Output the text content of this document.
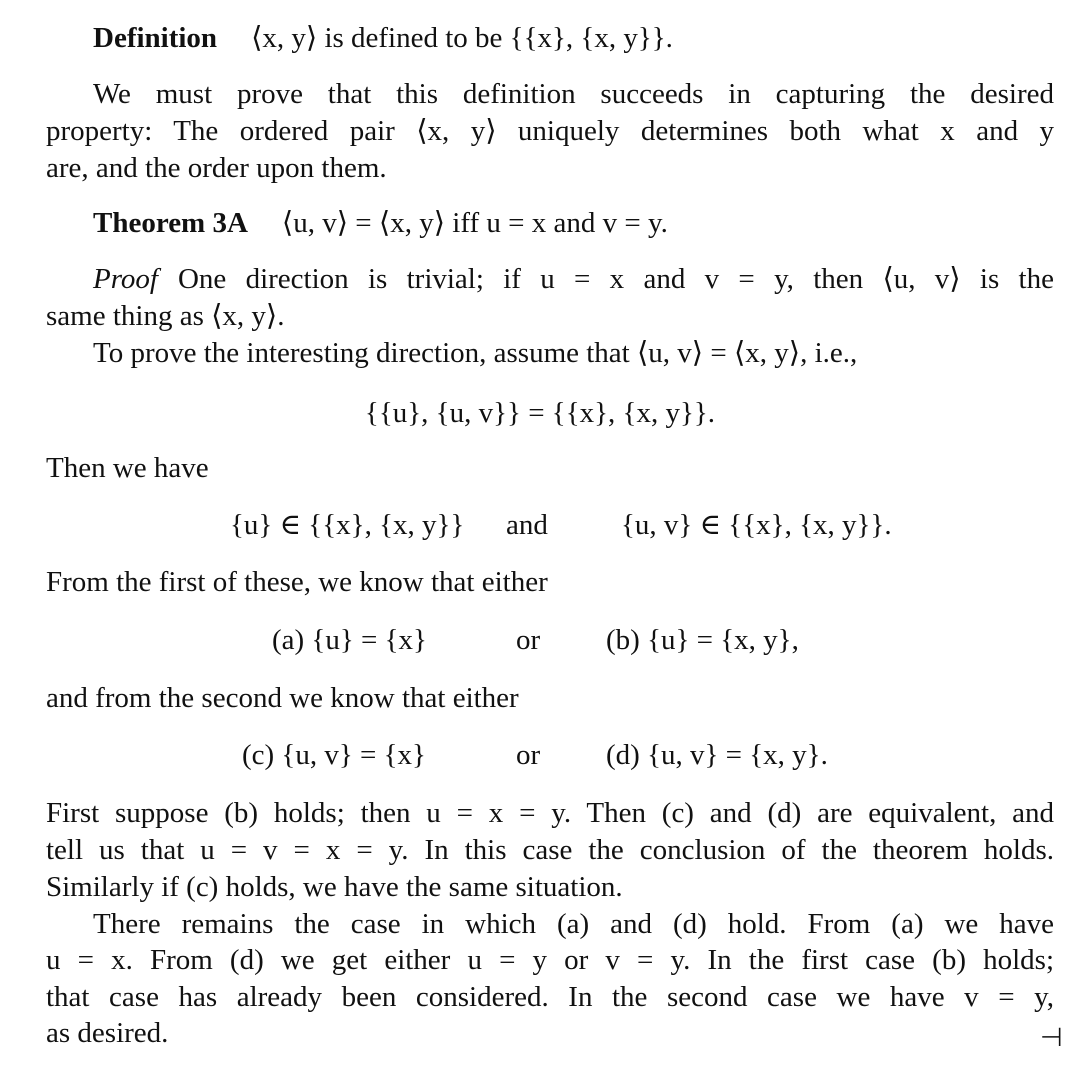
Definition ⟨x, y⟩ is defined to be {{x}, {x, y}}.
We must prove that this definition succeeds in capturing the desired
property: The ordered pair ⟨x, y⟩ uniquely determines both what x and y
are, and the order upon them.
Theorem 3A ⟨u, v⟩ = ⟨x, y⟩ iff u = x and v = y.
Proof One direction is trivial; if u = x and v = y, then ⟨u, v⟩ is the
same thing as ⟨x, y⟩.
To prove the interesting direction, assume that ⟨u, v⟩ = ⟨x, y⟩, i.e.,
{{u}, {u, v}} = {{x}, {x, y}}.
Then we have
{u} ∈ {{x}, {x, y}} and	{u, v} ∈ {{x}, {x, y}}.
From the first of these, we know that either
(a) {u} = {x}	or (b) {u} = {x, y},
and from the second we know that either
(c) {u, v} = {x}	or (d) {u, v} = {x, y}.
First suppose (b) holds; then u = x = y. Then (c) and (d) are equivalent, and
tell us that u = v = x = y. In this case the conclusion of the theorem holds.
Similarly if (c) holds, we have the same situation.
There remains the case in which (a) and (d) hold. From (a) we have
u = x. From (d) we get either u = y or v = y. In the first case (b) holds;
that case has already been considered. In the second case we have v = y,
as desired.	⊣
